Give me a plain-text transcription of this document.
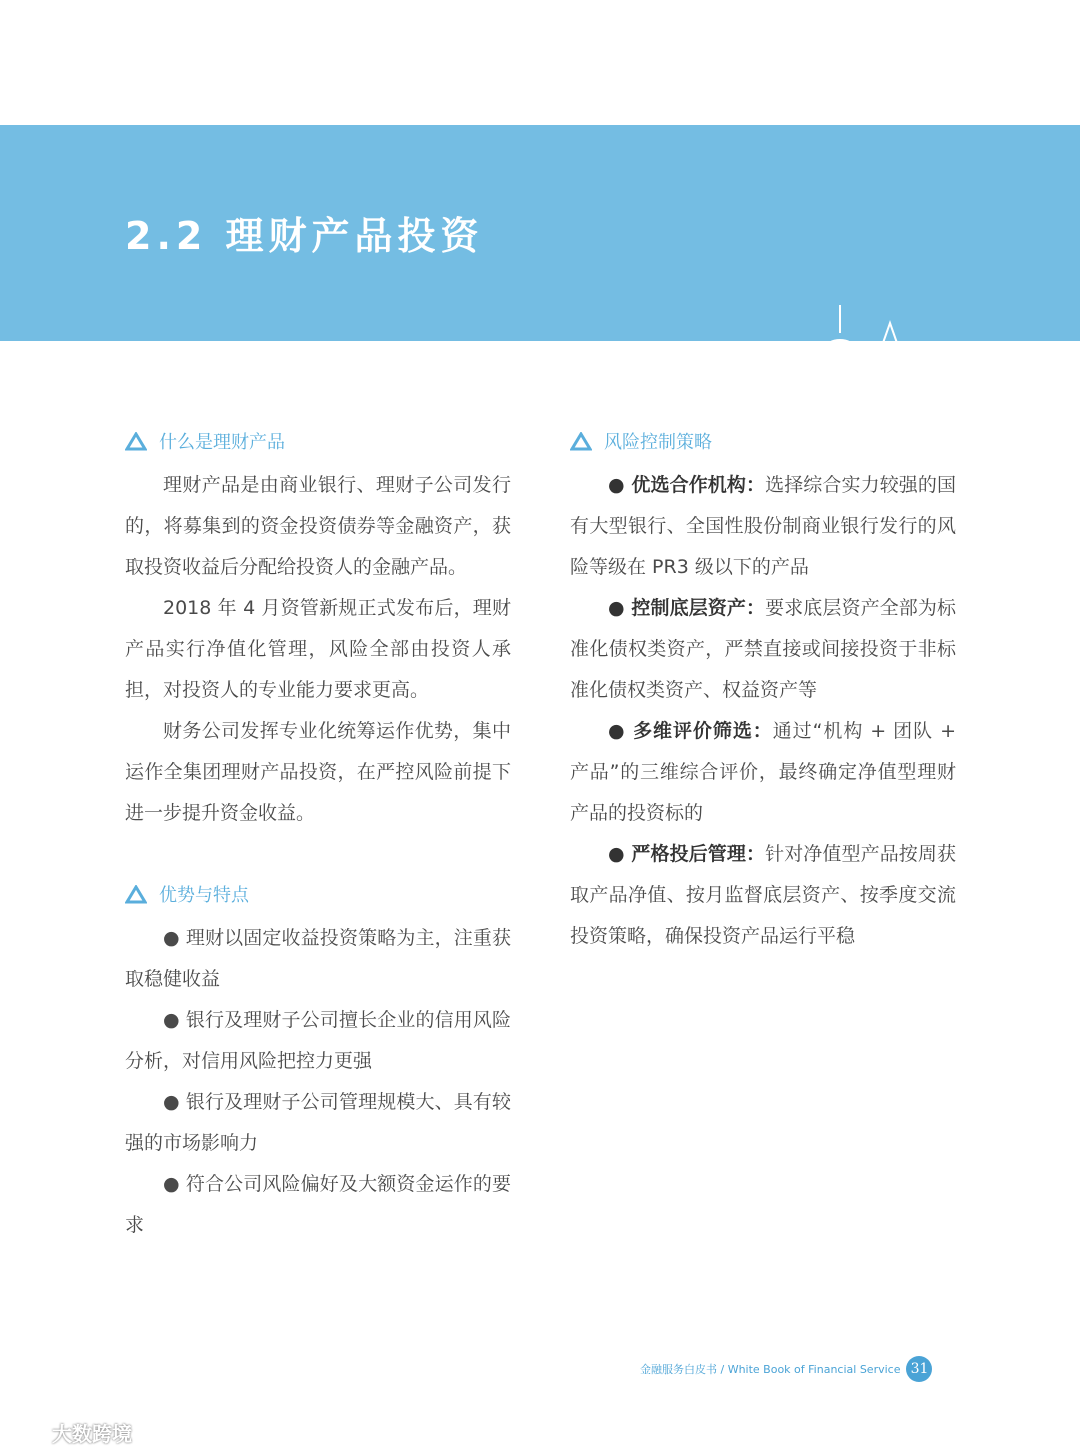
2.2 理财产品投资
什么是理财产品

理财产品是由商业银行、理财子公司发行的，将募集到的资金投资债券等金融资产，获取投资收益后分配给投资人的金融产品。

2018 年 4 月资管新规正式发布后，理财产品实行净值化管理，风险全部由投资人承担，对投资人的专业能力要求更高。

财务公司发挥专业化统筹运作优势，集中运作全集团理财产品投资，在严控风险前提下进一步提升资金收益。

优势与特点

● 理财以固定收益投资策略为主，注重获取稳健收益

● 银行及理财子公司擅长企业的信用风险分析，对信用风险把控力更强

● 银行及理财子公司管理规模大、具有较强的市场影响力

● 符合公司风险偏好及大额资金运作的要求

风险控制策略

● 优选合作机构：选择综合实力较强的国有大型银行、全国性股份制商业银行发行的风险等级在 PR3 级以下的产品

● 控制底层资产：要求底层资产全部为标准化债权类资产，严禁直接或间接投资于非标准化债权类资产、权益资产等

● 多维评价筛选：通过“机构 + 团队 + 产品”的三维综合评价，最终确定净值型理财产品的投资标的

● 严格投后管理：针对净值型产品按周获取产品净值、按月监督底层资产、按季度交流投资策略，确保投资产品运行平稳

金融服务白皮书 / White Book of Financial Service 31
大数跨境
